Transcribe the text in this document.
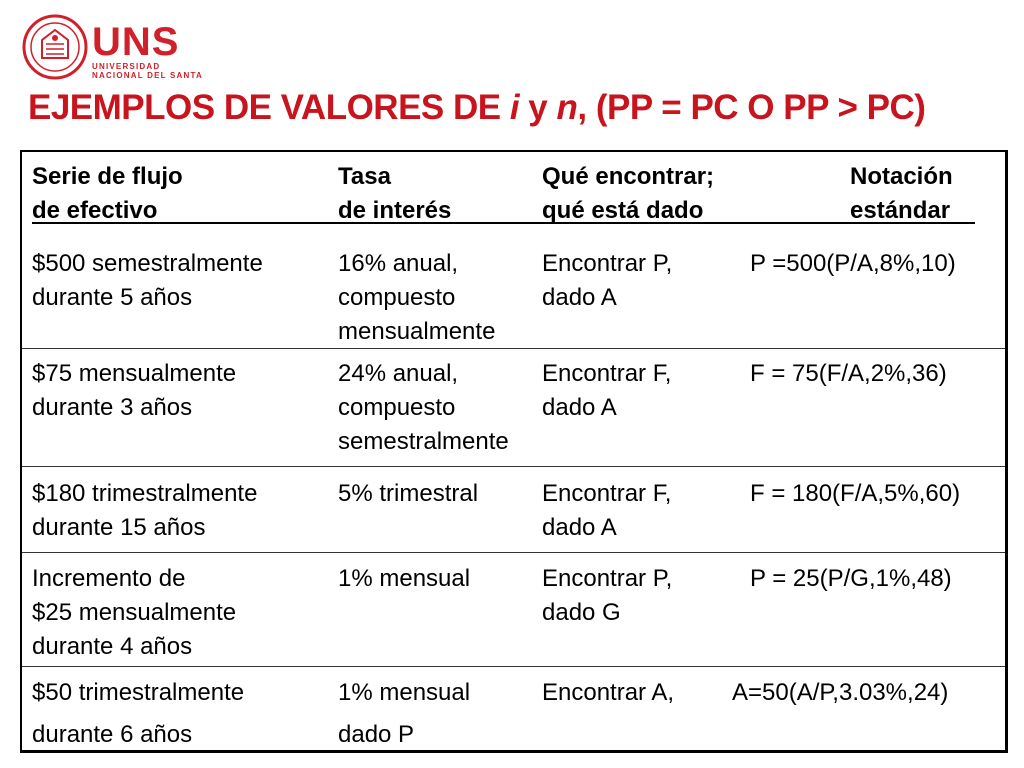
UNS
UNIVERSIDAD
NACIONAL DEL SANTA
EJEMPLOS DE VALORES DE i y n, (PP = PC O PP > PC)
Serie de flujo
de efectivo
Tasa
de interés
Qué encontrar;
qué está dado
Notación
estándar
$500 semestralmente
durante 5 años
16% anual,
compuesto
mensualmente
Encontrar P,
dado A
P =500(P/A,8%,10)
$75 mensualmente
durante 3 años
24% anual,
compuesto
semestralmente
Encontrar F,
dado A
F = 75(F/A,2%,36)
$180 trimestralmente
durante 15 años
5% trimestral	Encontrar F,
dado A
F = 180(F/A,5%,60)
Incremento de
$25 mensualmente
durante 4 años
1% mensual	Encontrar P,
dado G
P = 25(P/G,1%,48)
$50 trimestralmente
durante 6 años
1% mensual
dado P
Encontrar A, A=50(A/P,3.03%,24)
